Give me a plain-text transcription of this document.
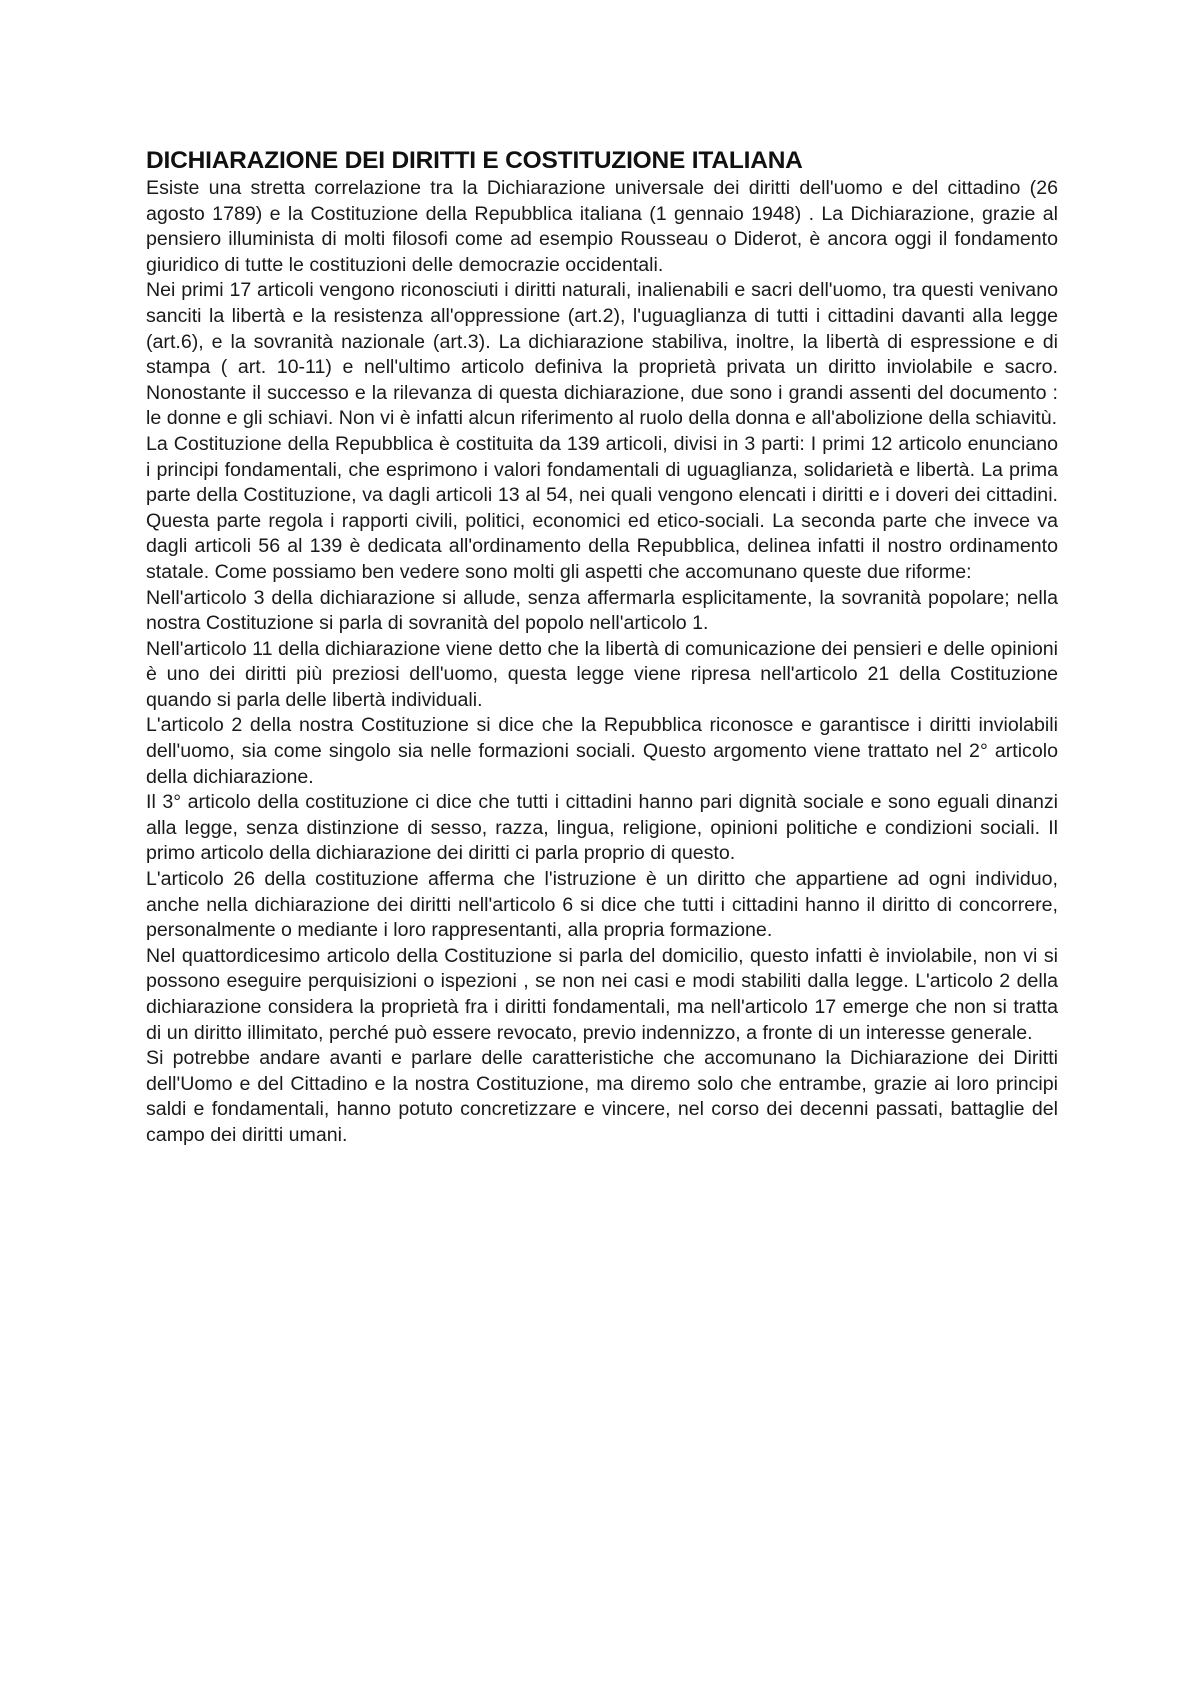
DICHIARAZIONE DEI DIRITTI E COSTITUZIONE ITALIANA

Esiste una stretta correlazione tra la Dichiarazione universale dei diritti dell'uomo e del cittadino (26 agosto 1789) e la Costituzione della Repubblica italiana (1 gennaio 1948) . La Dichiarazione, grazie al pensiero illuminista di molti filosofi come ad esempio Rousseau o Diderot, è ancora oggi il fondamento giuridico di tutte le costituzioni delle democrazie occidentali.

Nei primi 17 articoli vengono riconosciuti i diritti naturali, inalienabili e sacri dell'uomo, tra questi venivano sanciti la libertà e la resistenza all'oppressione (art.2), l'uguaglianza di tutti i cittadini davanti alla legge (art.6), e la sovranità nazionale (art.3). La dichiarazione stabiliva, inoltre, la libertà di espressione e di stampa ( art. 10-11) e nell'ultimo articolo definiva la proprietà privata un diritto inviolabile e sacro. Nonostante il successo e la rilevanza di questa dichiarazione, due sono i grandi assenti del documento : le donne e gli schiavi. Non vi è infatti alcun riferimento al ruolo della donna e all'abolizione della schiavitù.

La Costituzione della Repubblica è costituita da 139 articoli, divisi in 3 parti: I primi 12 articolo enunciano i principi fondamentali, che esprimono i valori fondamentali di uguaglianza, solidarietà e libertà. La prima parte della Costituzione, va dagli articoli 13 al 54, nei quali vengono elencati i diritti e i doveri dei cittadini. Questa parte regola i rapporti civili, politici, economici ed etico-sociali. La seconda parte che invece va dagli articoli 56 al 139 è dedicata all'ordinamento della Repubblica, delinea infatti il nostro ordinamento statale. Come possiamo ben vedere sono molti gli aspetti che accomunano queste due riforme:

Nell'articolo 3 della dichiarazione si allude, senza affermarla esplicitamente, la sovranità popolare; nella nostra Costituzione si parla di sovranità del popolo nell'articolo 1.

Nell'articolo 11 della dichiarazione viene detto che la libertà di comunicazione dei pensieri e delle opinioni è uno dei diritti più preziosi dell'uomo, questa legge viene ripresa nell'articolo 21 della Costituzione quando si parla delle libertà individuali.

L'articolo 2 della nostra Costituzione si dice che la Repubblica riconosce e garantisce i diritti inviolabili dell'uomo, sia come singolo sia nelle formazioni sociali. Questo argomento viene trattato nel 2° articolo della dichiarazione.

Il 3° articolo della costituzione ci dice che tutti i cittadini hanno pari dignità sociale e sono eguali dinanzi alla legge, senza distinzione di sesso, razza, lingua, religione, opinioni politiche e condizioni sociali. Il primo articolo della dichiarazione dei diritti ci parla proprio di questo.

L'articolo 26 della costituzione afferma che l'istruzione è un diritto che appartiene ad ogni individuo, anche nella dichiarazione dei diritti nell'articolo 6 si dice che tutti i cittadini hanno il diritto di concorrere, personalmente o mediante i loro rappresentanti, alla propria formazione.

Nel quattordicesimo articolo della Costituzione si parla del domicilio, questo infatti è inviolabile, non vi si possono eseguire perquisizioni o ispezioni , se non nei casi e modi stabiliti dalla legge. L'articolo 2 della dichiarazione considera la proprietà fra i diritti fondamentali, ma nell'articolo 17 emerge che non si tratta di un diritto illimitato, perché può essere revocato, previo indennizzo, a fronte di un interesse generale.

Si potrebbe andare avanti e parlare delle caratteristiche che accomunano la Dichiarazione dei Diritti dell'Uomo e del Cittadino e la nostra Costituzione, ma diremo solo che entrambe, grazie ai loro principi saldi e fondamentali, hanno potuto concretizzare e vincere, nel corso dei decenni passati, battaglie del campo dei diritti umani.
